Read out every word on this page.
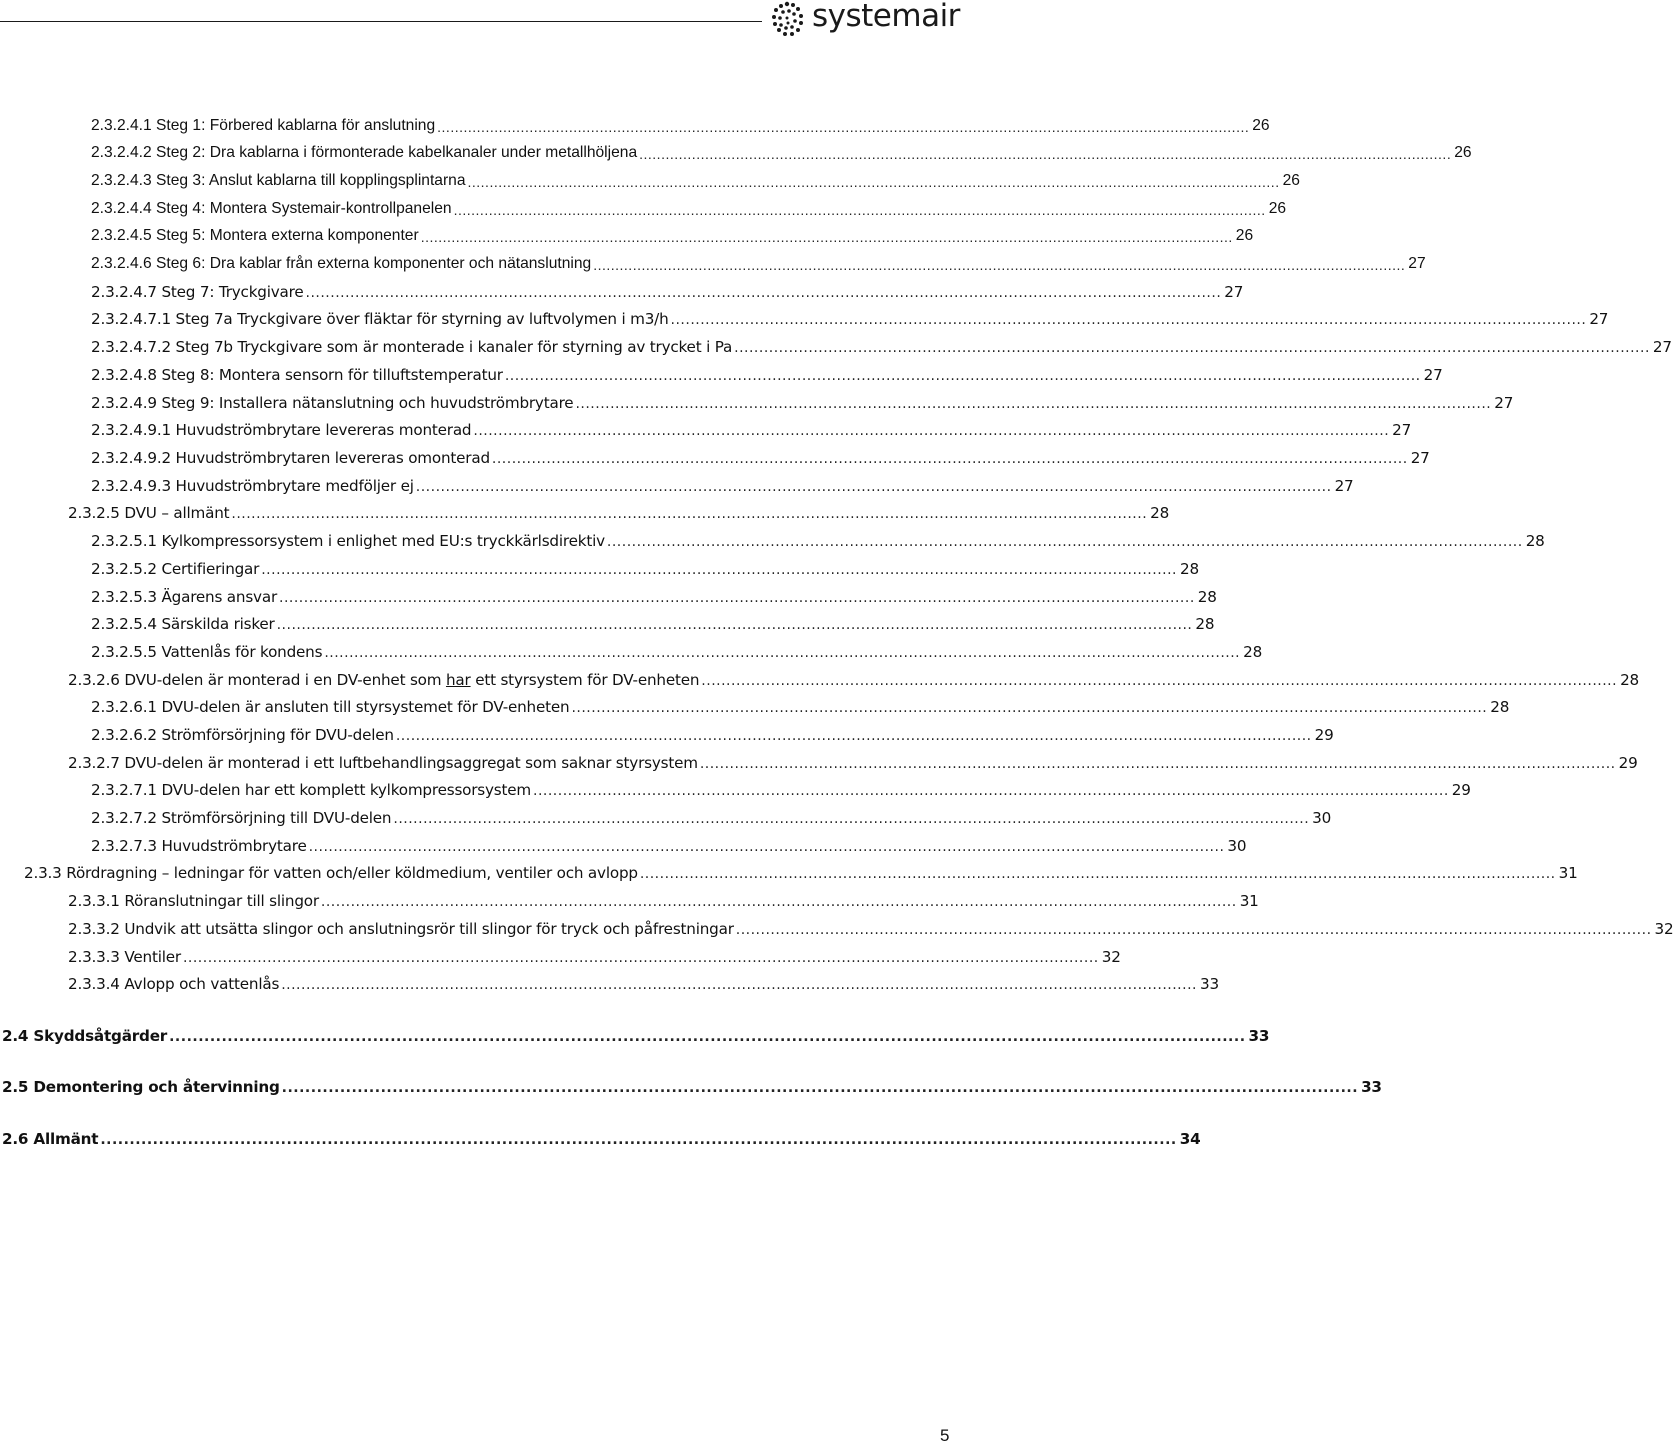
systemair
2.3.2.4.1 Steg 1: Förbered kablarna för anslutning ......................................................................................................................................................................................... 26
2.3.2.4.2 Steg 2: Dra kablarna i förmonterade kabelkanaler under metallhöljena ......................................................................................................................................................................................... 26
2.3.2.4.3 Steg 3: Anslut kablarna till kopplingsplintarna ......................................................................................................................................................................................... 26
2.3.2.4.4 Steg 4: Montera Systemair-kontrollpanelen ......................................................................................................................................................................................... 26
2.3.2.4.5 Steg 5: Montera externa komponenter ......................................................................................................................................................................................... 26
2.3.2.4.6 Steg 6: Dra kablar från externa komponenter och nätanslutning ......................................................................................................................................................................................... 27
2.3.2.4.7 Steg 7: Tryckgivare ......................................................................................................................................................................................... 27
2.3.2.4.7.1 Steg 7a Tryckgivare över fläktar för styrning av luftvolymen i m3/h ......................................................................................................................................................................................... 27
2.3.2.4.7.2 Steg 7b Tryckgivare som är monterade i kanaler för styrning av trycket i Pa ......................................................................................................................................................................................... 27
2.3.2.4.8 Steg 8: Montera sensorn för tilluftstemperatur ......................................................................................................................................................................................... 27
2.3.2.4.9 Steg 9: Installera nätanslutning och huvudströmbrytare ......................................................................................................................................................................................... 27
2.3.2.4.9.1 Huvudströmbrytare levereras monterad ......................................................................................................................................................................................... 27
2.3.2.4.9.2 Huvudströmbrytaren levereras omonterad ......................................................................................................................................................................................... 27
2.3.2.4.9.3 Huvudströmbrytare medföljer ej ......................................................................................................................................................................................... 27
2.3.2.5 DVU – allmänt ......................................................................................................................................................................................... 28
2.3.2.5.1 Kylkompressorsystem i enlighet med EU:s tryckkärlsdirektiv ......................................................................................................................................................................................... 28
2.3.2.5.2 Certifieringar ......................................................................................................................................................................................... 28
2.3.2.5.3 Ägarens ansvar ......................................................................................................................................................................................... 28
2.3.2.5.4 Särskilda risker ......................................................................................................................................................................................... 28
2.3.2.5.5 Vattenlås för kondens ......................................................................................................................................................................................... 28
2.3.2.6 DVU-delen är monterad i en DV-enhet som har ett styrsystem för DV-enheten ......................................................................................................................................................................................... 28
2.3.2.6.1 DVU-delen är ansluten till styrsystemet för DV-enheten ......................................................................................................................................................................................... 28
2.3.2.6.2 Strömförsörjning för DVU-delen ......................................................................................................................................................................................... 29
2.3.2.7 DVU-delen är monterad i ett luftbehandlingsaggregat som saknar styrsystem ......................................................................................................................................................................................... 29
2.3.2.7.1 DVU-delen har ett komplett kylkompressorsystem ......................................................................................................................................................................................... 29
2.3.2.7.2 Strömförsörjning till DVU-delen ......................................................................................................................................................................................... 30
2.3.2.7.3 Huvudströmbrytare ......................................................................................................................................................................................... 30
2.3.3 Rördragning – ledningar för vatten och/eller köldmedium, ventiler och avlopp ......................................................................................................................................................................................... 31
2.3.3.1 Röranslutningar till slingor ......................................................................................................................................................................................... 31
2.3.3.2 Undvik att utsätta slingor och anslutningsrör till slingor för tryck och påfrestningar ......................................................................................................................................................................................... 32
2.3.3.3 Ventiler ......................................................................................................................................................................................... 32
2.3.3.4 Avlopp och vattenlås ......................................................................................................................................................................................... 33
2.4 Skyddsåtgärder ......................................................................................................................................................................................... 33
2.5 Demontering och återvinning ......................................................................................................................................................................................... 33
2.6 Allmänt ......................................................................................................................................................................................... 34
5
